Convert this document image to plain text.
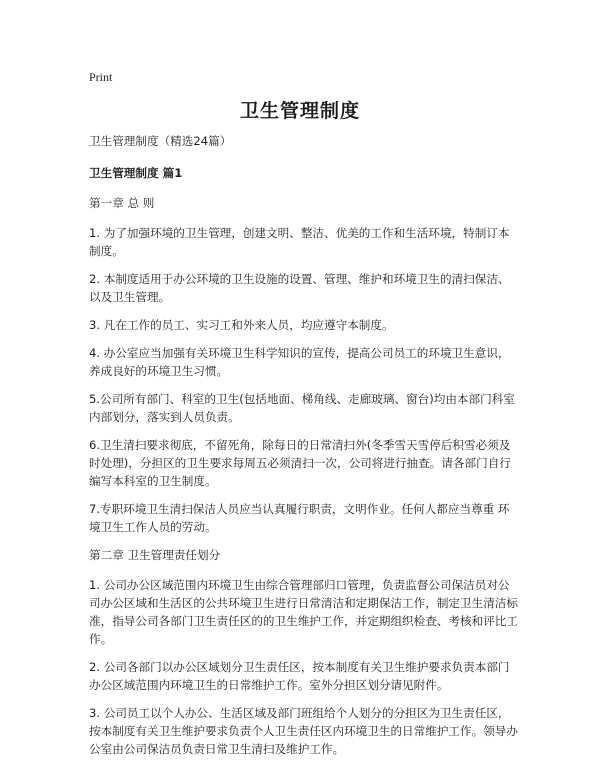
Print
卫生管理制度

卫生管理制度（精选24篇）

卫生管理制度 篇1

第一章 总 则

1. 为了加强环境的卫生管理，创建文明、整洁、优美的工作和生活环境，特制订本制度。

2. 本制度适用于办公环境的卫生设施的设置、管理、维护和环境卫生的清扫保洁、以及卫生管理。

3. 凡在工作的员工、实习工和外来人员，均应遵守本制度。

4. 办公室应当加强有关环境卫生科学知识的宣传，提高公司员工的环境卫生意识，养成良好的环境卫生习惯。

5.公司所有部门、科室的卫生(包括地面、梯角线、走廊玻璃、窗台)均由本部门科室内部划分，落实到人员负责。

6.卫生清扫要求彻底，不留死角，除每日的日常清扫外(冬季雪天雪停后积雪必须及时处理)，分担区的卫生要求每周五必须清扫一次，公司将进行抽查。请各部门自行编写本科室的卫生制度。

7.专职环境卫生清扫保洁人员应当认真履行职责，文明作业。任何人都应当尊重 环境卫生工作人员的劳动。

第二章 卫生管理责任划分

1. 公司办公区域范围内环境卫生由综合管理部归口管理，负责监督公司保洁员对公司办公区域和生活区的公共环境卫生进行日常清洁和定期保洁工作，制定卫生清洁标准，指导公司各部门卫生责任区的的卫生维护工作，并定期组织检查、考核和评比工作。

2. 公司各部门以办公区域划分卫生责任区，按本制度有关卫生维护要求负责本部门办公区域范围内环境卫生的日常维护工作。室外分担区划分请见附件。

3. 公司员工以个人办公、生活区域及部门班组给个人划分的分担区为卫生责任区，按本制度有关卫生维护要求负责个人卫生责任区内环境卫生的日常维护工作。领导办公室由公司保洁员负责日常卫生清扫及维护工作。
